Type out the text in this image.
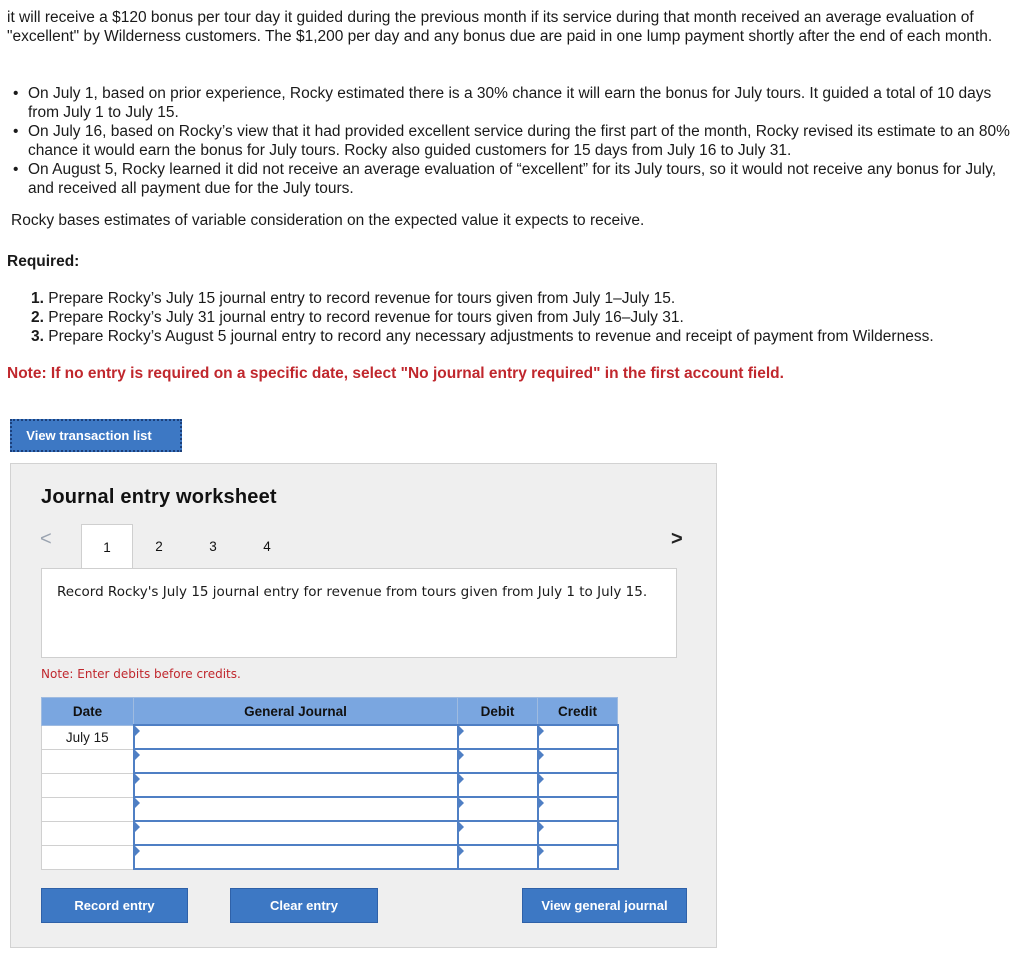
it will receive a $120 bonus per tour day it guided during the previous month if its service during that month received an average evaluation of "excellent" by Wilderness customers. The $1,200 per day and any bonus due are paid in one lump payment shortly after the end of each month.

• On July 1, based on prior experience, Rocky estimated there is a 30% chance it will earn the bonus for July tours. It guided a total of 10 days from July 1 to July 15.
• On July 16, based on Rocky’s view that it had provided excellent service during the first part of the month, Rocky revised its estimate to an 80% chance it would earn the bonus for July tours. Rocky also guided customers for 15 days from July 16 to July 31.
• On August 5, Rocky learned it did not receive an average evaluation of “excellent” for its July tours, so it would not receive any bonus for July, and received all payment due for the July tours.

Rocky bases estimates of variable consideration on the expected value it expects to receive.

Required:

1. Prepare Rocky’s July 15 journal entry to record revenue for tours given from July 1–July 15.
2. Prepare Rocky’s July 31 journal entry to record revenue for tours given from July 16–July 31.
3. Prepare Rocky’s August 5 journal entry to record any necessary adjustments to revenue and receipt of payment from Wilderness.

Note: If no entry is required on a specific date, select "No journal entry required" in the first account field.

View transaction list
Journal entry worksheet
<	1	2	3	4	>
Record Rocky's July 15 journal entry for revenue from tours given from July 1 to July 15.
Note: Enter debits before credits.
Date	General Journal	Debit	Credit
July 15			

Record entry	Clear entry	View general journal
